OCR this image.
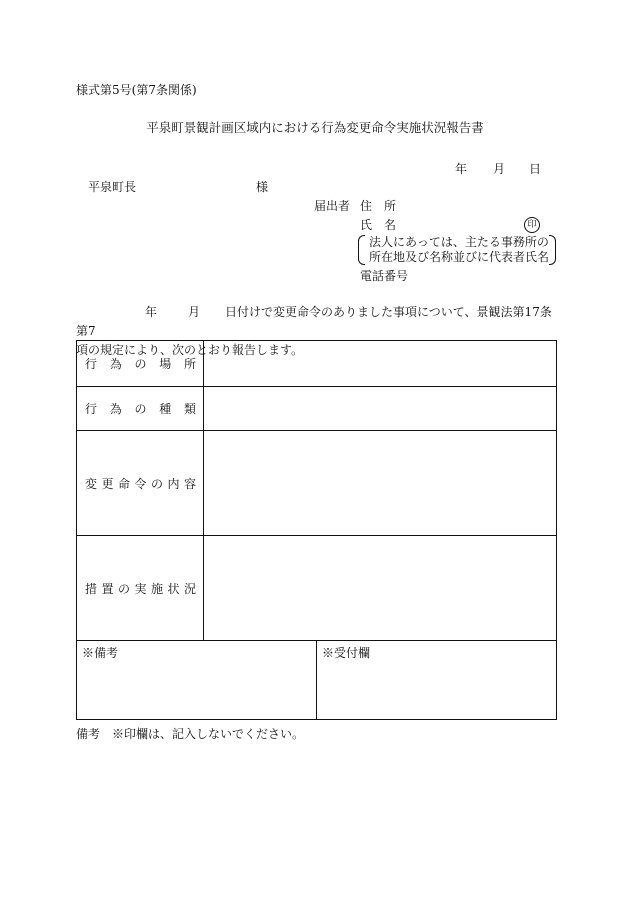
様式第5号(第7条関係)
平泉町景観計画区域内における行為変更命令実施状況報告書
年 月 日
平泉町長	様
届出者 住　所
氏　名	印
法人にあっては、主たる事務所の
所在地及び名称並びに代表者氏名
電話番号
年	月 日付けで変更命令のありました事項について、景観法第17条第7
項の規定により、次のとおり報告します。
行為の場所	
行為の種類	
変更命令の内容	
措置の実施状況	
※備考	※受付欄
備考　※印欄は、記入しないでください。
